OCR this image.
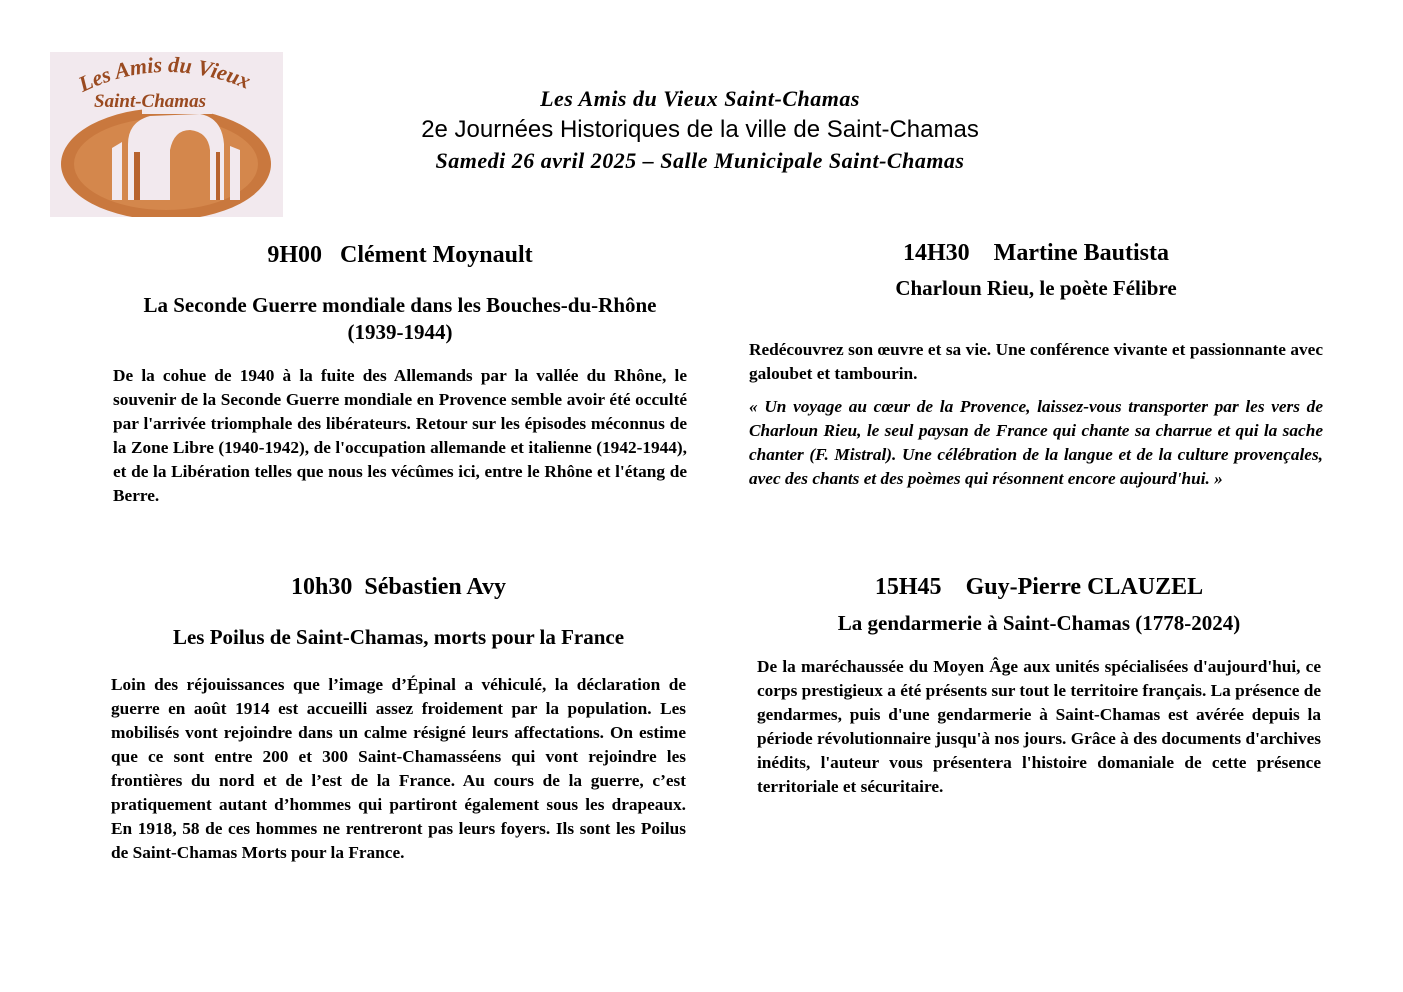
Les Amis du Vieux
Saint-Chamas	Les Amis du Vieux Saint-Chamas
2e Journées Historiques de la ville de Saint-Chamas
Samedi 26 avril 2025 – Salle Municipale Saint-Chamas
9H00 Clément Moynault
La Seconde Guerre mondiale dans les Bouches-du-Rhône (1939-1944)
De la cohue de 1940 à la fuite des Allemands par la vallée du Rhône, le souvenir de la Seconde Guerre mondiale en Provence semble avoir été occulté par l'arrivée triomphale des libérateurs. Retour sur les épisodes méconnus de la Zone Libre (1940-1942), de l'occupation allemande et italienne (1942-1944), et de la Libération telles que nous les vécûmes ici, entre le Rhône et l'étang de Berre.
10h30 Sébastien Avy
Les Poilus de Saint-Chamas, morts pour la France
Loin des réjouissances que l’image d’Épinal a véhiculé, la déclaration de guerre en août 1914 est accueilli assez froidement par la population. Les mobilisés vont rejoindre dans un calme résigné leurs affectations. On estime que ce sont entre 200 et 300 Saint-Chamasséens qui vont rejoindre les frontières du nord et de l’est de la France. Au cours de la guerre, c’est pratiquement autant d’hommes qui partiront également sous les drapeaux. En 1918, 58 de ces hommes ne rentreront pas leurs foyers. Ils sont les Poilus de Saint-Chamas Morts pour la France.
14H30 Martine Bautista
Charloun Rieu, le poète Félibre
Redécouvrez son œuvre et sa vie. Une conférence vivante et passionnante avec galoubet et tambourin.
« Un voyage au cœur de la Provence, laissez-vous transporter par les vers de Charloun Rieu, le seul paysan de France qui chante sa charrue et qui la sache chanter (F. Mistral). Une célébration de la langue et de la culture provençales, avec des chants et des poèmes qui résonnent encore aujourd'hui. »
15H45 Guy-Pierre CLAUZEL
La gendarmerie à Saint-Chamas (1778-2024)
De la maréchaussée du Moyen Âge aux unités spécialisées d'aujourd'hui, ce corps prestigieux a été présents sur tout le territoire français. La présence de gendarmes, puis d'une gendarmerie à Saint-Chamas est avérée depuis la période révolutionnaire jusqu'à nos jours. Grâce à des documents d'archives inédits, l'auteur vous présentera l'histoire domaniale de cette présence territoriale et sécuritaire.
